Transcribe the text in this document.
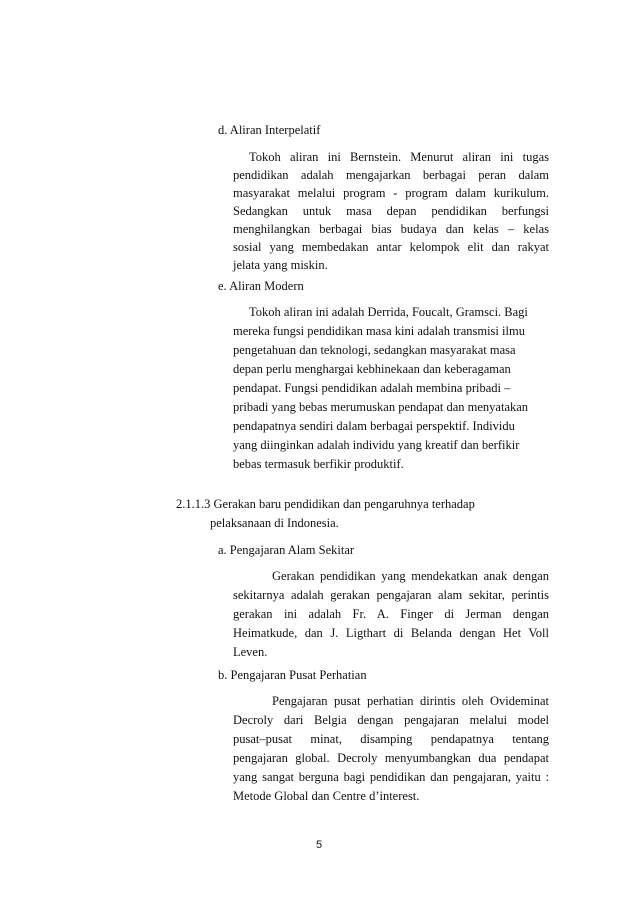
d. Aliran Interpelatif
Tokoh aliran ini Bernstein. Menurut aliran ini tugas
pendidikan adalah mengajarkan berbagai peran dalam
masyarakat melalui program - program dalam kurikulum.
Sedangkan untuk masa depan pendidikan berfungsi
menghilangkan berbagai bias budaya dan kelas – kelas
sosial yang membedakan antar kelompok elit dan rakyat
jelata yang miskin.
e. Aliran Modern
Tokoh aliran ini adalah Derrida, Foucalt, Gramsci. Bagi
mereka fungsi pendidikan masa kini adalah transmisi ilmu
pengetahuan dan teknologi, sedangkan masyarakat masa
depan perlu menghargai kebhinekaan dan keberagaman
pendapat. Fungsi pendidikan adalah membina pribadi –
pribadi yang bebas merumuskan pendapat dan menyatakan
pendapatnya sendiri dalam berbagai perspektif. Individu
yang diinginkan adalah individu yang kreatif dan berfikir
bebas termasuk berfikir produktif.
2.1.1.3 Gerakan baru pendidikan dan pengaruhnya terhadap
pelaksanaan di Indonesia.
a. Pengajaran Alam Sekitar
Gerakan pendidikan yang mendekatkan anak dengan
sekitarnya adalah gerakan pengajaran alam sekitar, perintis
gerakan ini adalah Fr. A. Finger di Jerman dengan
Heimatkude, dan J. Ligthart di Belanda dengan Het Voll
Leven.
b. Pengajaran Pusat Perhatian
Pengajaran pusat perhatian dirintis oleh Ovideminat
Decroly dari Belgia dengan pengajaran melalui model
pusat–pusat minat, disamping pendapatnya tentang
pengajaran global. Decroly menyumbangkan dua pendapat
yang sangat berguna bagi pendidikan dan pengajaran, yaitu :
Metode Global dan Centre d’interest.
5
